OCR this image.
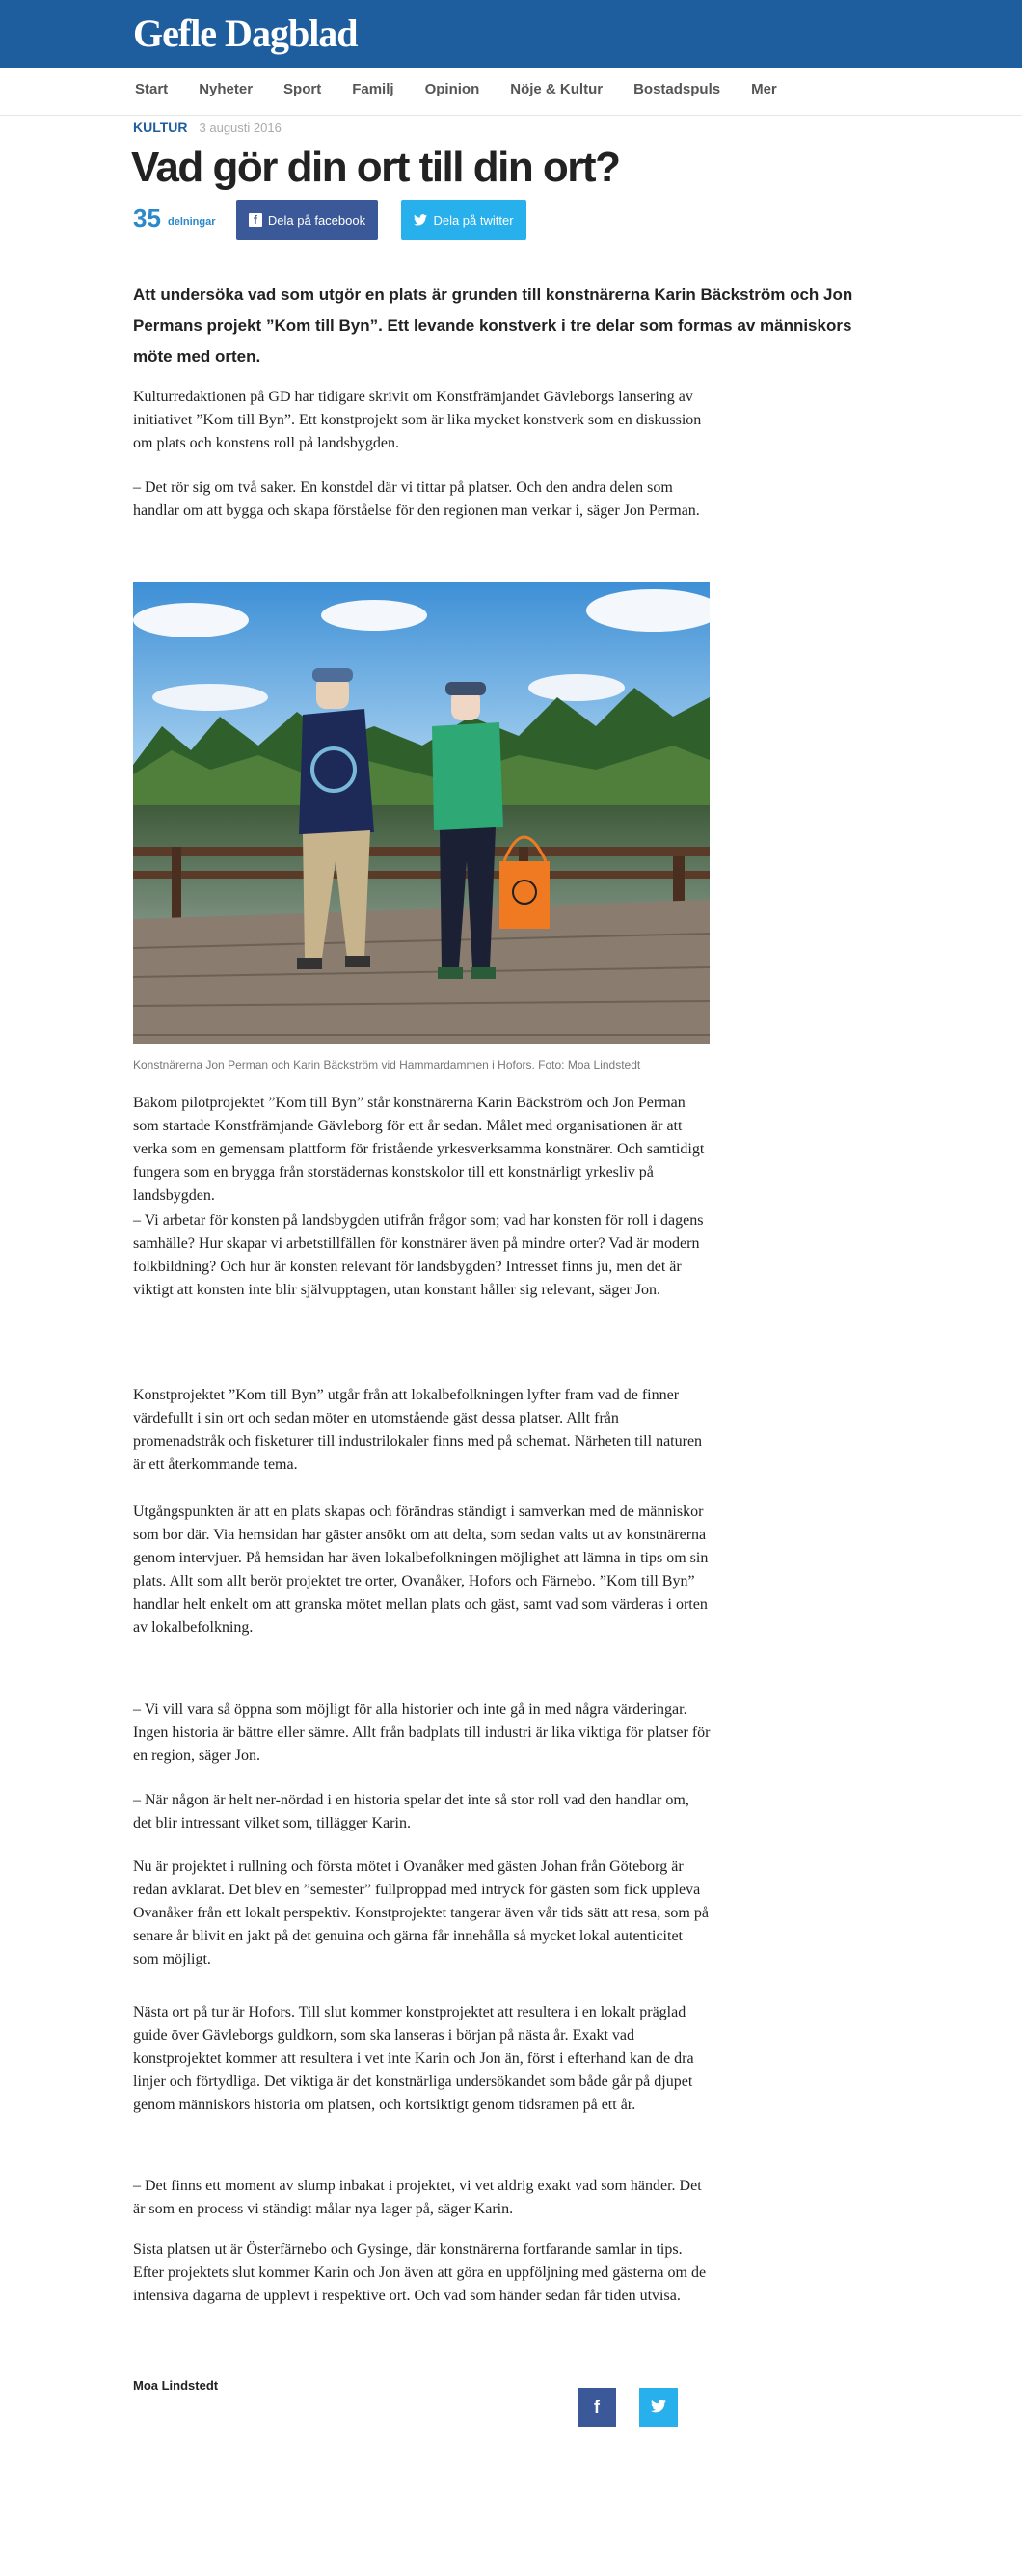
Gefle Dagblad
Start Nyheter Sport Familj Opinion Nöje & Kultur Bostadspuls Mer
KULTUR 3 augusti 2016
Vad gör din ort till din ort?
35 delningar	f Dela på facebook	Dela på twitter

Att undersöka vad som utgör en plats är grunden till konstnärerna Karin Bäckström och Jon Permans projekt ”Kom till Byn”. Ett levande konstverk i tre delar som formas av människors möte med orten.

Kulturredaktionen på GD har tidigare skrivit om Konstfrämjandet Gävleborgs lansering av initiativet ”Kom till Byn”. Ett konstprojekt som är lika mycket konstverk som en diskussion om plats och konstens roll på landsbygden.

– Det rör sig om två saker. En konstdel där vi tittar på platser. Och den andra delen som handlar om att bygga och skapa förståelse för den regionen man verkar i, säger Jon Perman.

Konstnärerna Jon Perman och Karin Bäckström vid Hammardammen i Hofors. Foto: Moa Lindstedt

Bakom pilotprojektet ”Kom till Byn” står konstnärerna Karin Bäckström och Jon Perman som startade Konstfrämjande Gävleborg för ett år sedan. Målet med organisationen är att verka som en gemensam plattform för fristående yrkesverksamma konstnärer. Och samtidigt fungera som en brygga från storstädernas konstskolor till ett konstnärligt yrkesliv på landsbygden.

– Vi arbetar för konsten på landsbygden utifrån frågor som; vad har konsten för roll i dagens samhälle? Hur skapar vi arbetstillfällen för konstnärer även på mindre orter? Vad är modern folkbildning? Och hur är konsten relevant för landsbygden? Intresset finns ju, men det är viktigt att konsten inte blir självupptagen, utan konstant håller sig relevant, säger Jon.

Konstprojektet ”Kom till Byn” utgår från att lokalbefolkningen lyfter fram vad de finner värdefullt i sin ort och sedan möter en utomstående gäst dessa platser. Allt från promenadstråk och fisketurer till industrilokaler finns med på schemat. Närheten till naturen är ett återkommande tema.

Utgångspunkten är att en plats skapas och förändras ständigt i samverkan med de människor som bor där. Via hemsidan har gäster ansökt om att delta, som sedan valts ut av konstnärerna genom intervjuer. På hemsidan har även lokalbefolkningen möjlighet att lämna in tips om sin plats. Allt som allt berör projektet tre orter, Ovanåker, Hofors och Färnebo. ”Kom till Byn” handlar helt enkelt om att granska mötet mellan plats och gäst, samt vad som värderas i orten av lokalbefolkning.

– Vi vill vara så öppna som möjligt för alla historier och inte gå in med några värderingar. Ingen historia är bättre eller sämre. Allt från badplats till industri är lika viktiga för platser för en region, säger Jon.

– När någon är helt ner-nördad i en historia spelar det inte så stor roll vad den handlar om, det blir intressant vilket som, tillägger Karin.

Nu är projektet i rullning och första mötet i Ovanåker med gästen Johan från Göteborg är redan avklarat. Det blev en ”semester” fullproppad med intryck för gästen som fick uppleva Ovanåker från ett lokalt perspektiv. Konstprojektet tangerar även vår tids sätt att resa, som på senare år blivit en jakt på det genuina och gärna får innehålla så mycket lokal autenticitet som möjligt.

Nästa ort på tur är Hofors. Till slut kommer konstprojektet att resultera i en lokalt präglad guide över Gävleborgs guldkorn, som ska lanseras i början på nästa år. Exakt vad konstprojektet kommer att resultera i vet inte Karin och Jon än, först i efterhand kan de dra linjer och förtydliga. Det viktiga är det konstnärliga undersökandet som både går på djupet genom människors historia om platsen, och kortsiktigt genom tidsramen på ett år.

– Det finns ett moment av slump inbakat i projektet, vi vet aldrig exakt vad som händer. Det är som en process vi ständigt målar nya lager på, säger Karin.

Sista platsen ut är Österfärnebo och Gysinge, där konstnärerna fortfarande samlar in tips. Efter projektets slut kommer Karin och Jon även att göra en uppföljning med gästerna om de intensiva dagarna de upplevt i respektive ort. Och vad som händer sedan får tiden utvisa.

Moa Lindstedt
f
